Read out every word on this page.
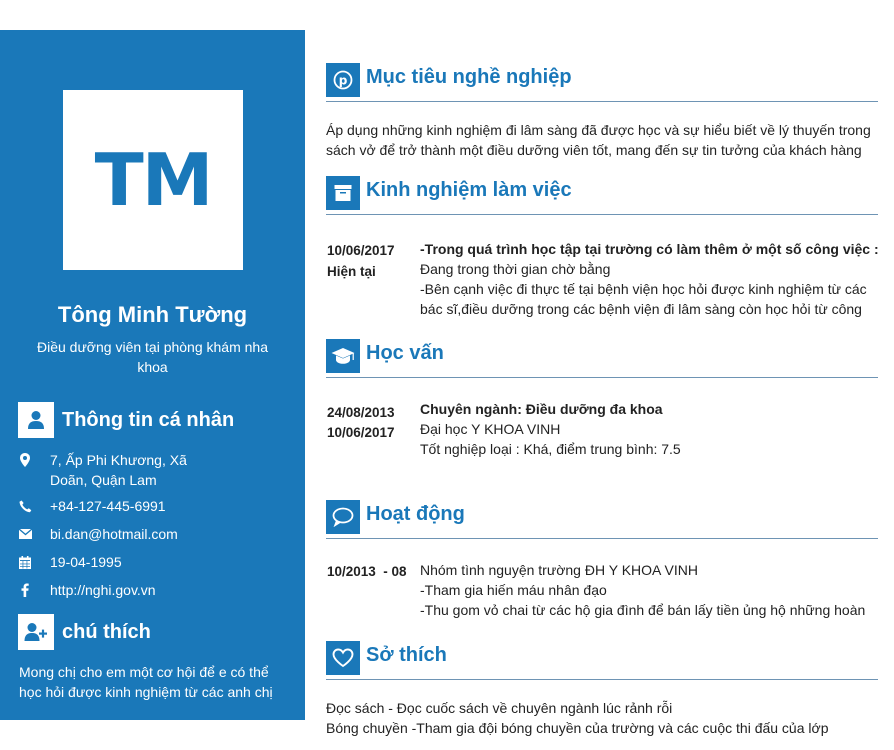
TM
Tông Minh Tường
Điều dưỡng viên tại phòng khám nha khoa
Thông tin cá nhân
7, Ấp Phi Khương, Xã Doãn, Quận Lam
+84-127-445-6991
bi.dan@hotmail.com
19-04-1995
http://nghi.gov.vn
chú thích
Mong chị cho em một cơ hội để e có thể học hỏi được kinh nghiệm từ các anh chị
p Mục tiêu nghề nghiệp
Áp dụng những kinh nghiệm đi lâm sàng đã được học và sự hiểu biết về lý thuyến trong sách vở để trở thành một điều dưỡng viên tốt, mang đến sự tin tưởng của khách hàng
Kinh nghiệm làm việc
10/06/2017
Hiện tại
-Trong quá trình học tập tại trường có làm thêm ở một số công việc :
Đang trong thời gian chờ bằng
-Bên cạnh việc đi thực tế tại bệnh viện học hỏi được kinh nghiệm từ các bác sĩ,điều dưỡng trong các bệnh viện đi lâm sàng còn học hỏi từ công
Học vấn
24/08/2013
10/06/2017
Chuyên ngành: Điều dưỡng đa khoa
Đại học Y KHOA VINH
Tốt nghiệp loại : Khá, điểm trung bình: 7.5
Hoạt động
10/2013  - 08 Nhóm tình nguyện trường ĐH Y KHOA VINH
-Tham gia hiến máu nhân đạo
-Thu gom vỏ chai từ các hộ gia đình để bán lấy tiền ủng hộ những hoàn
Sở thích
Đọc sách - Đọc cuốc sách về chuyên ngành lúc rảnh rỗi
Bóng chuyền -Tham gia đội bóng chuyền của trường và các cuộc thi đấu của lớp
